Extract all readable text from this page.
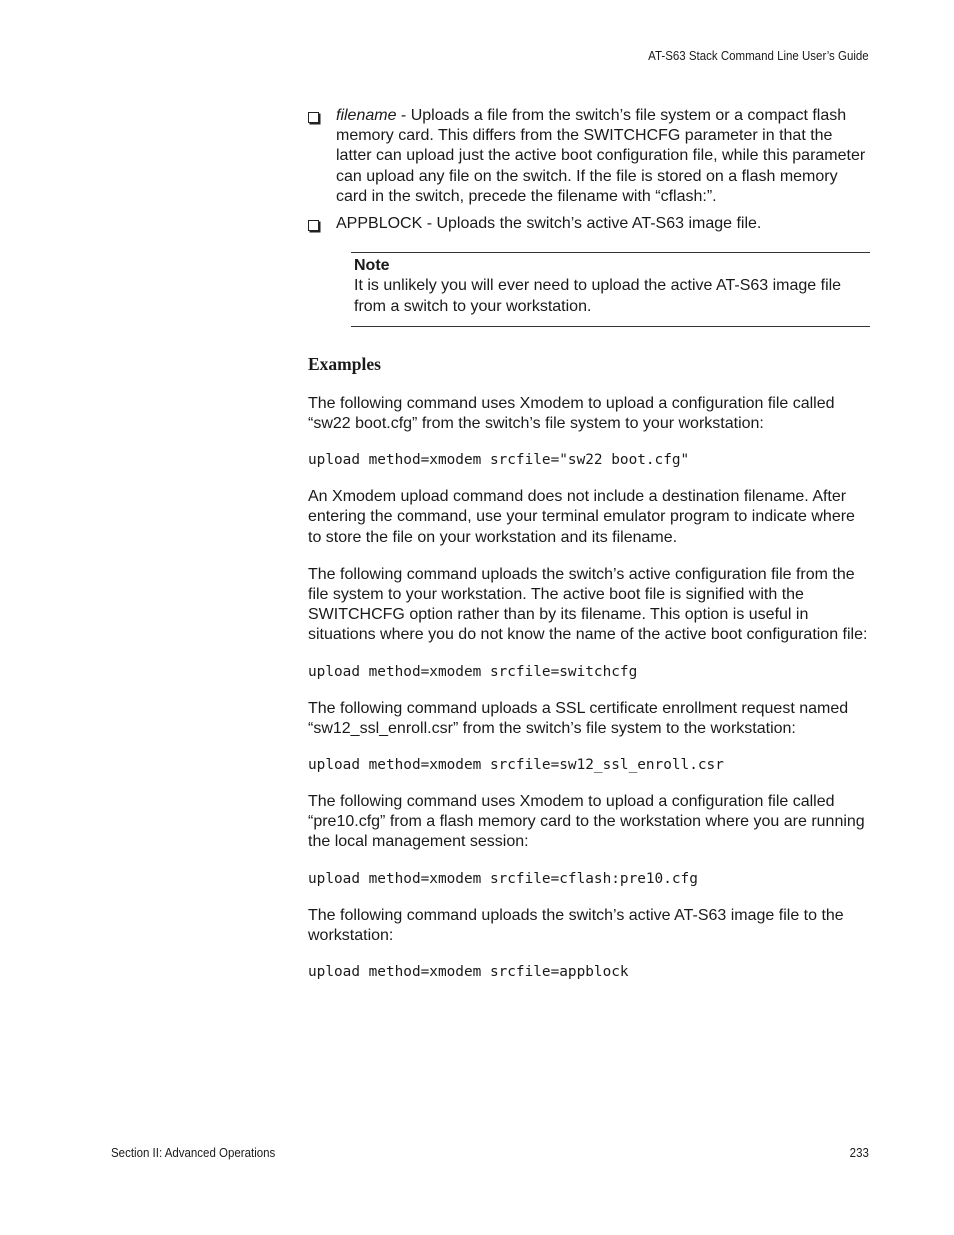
AT-S63 Stack Command Line User’s Guide
filename - Uploads a file from the switch’s file system or a compact flash memory card. This differs from the SWITCHCFG parameter in that the latter can upload just the active boot configuration file, while this parameter can upload any file on the switch. If the file is stored on a flash memory card in the switch, precede the filename with “cflash:”.
APPBLOCK - Uploads the switch’s active AT-S63 image file.
Note
It is unlikely you will ever need to upload the active AT-S63 image file from a switch to your workstation.
Examples
The following command uses Xmodem to upload a configuration file called “sw22 boot.cfg” from the switch’s file system to your workstation:
upload method=xmodem srcfile="sw22 boot.cfg"
An Xmodem upload command does not include a destination filename. After entering the command, use your terminal emulator program to indicate where to store the file on your workstation and its filename.
The following command uploads the switch’s active configuration file from the file system to your workstation. The active boot file is signified with the SWITCHCFG option rather than by its filename. This option is useful in situations where you do not know the name of the active boot configuration file:
upload method=xmodem srcfile=switchcfg
The following command uploads a SSL certificate enrollment request named “sw12_ssl_enroll.csr” from the switch’s file system to the workstation:
upload method=xmodem srcfile=sw12_ssl_enroll.csr
The following command uses Xmodem to upload a configuration file called “pre10.cfg” from a flash memory card to the workstation where you are running the local management session:
upload method=xmodem srcfile=cflash:pre10.cfg
The following command uploads the switch’s active AT-S63 image file to the workstation:
upload method=xmodem srcfile=appblock
Section II: Advanced Operations	233
